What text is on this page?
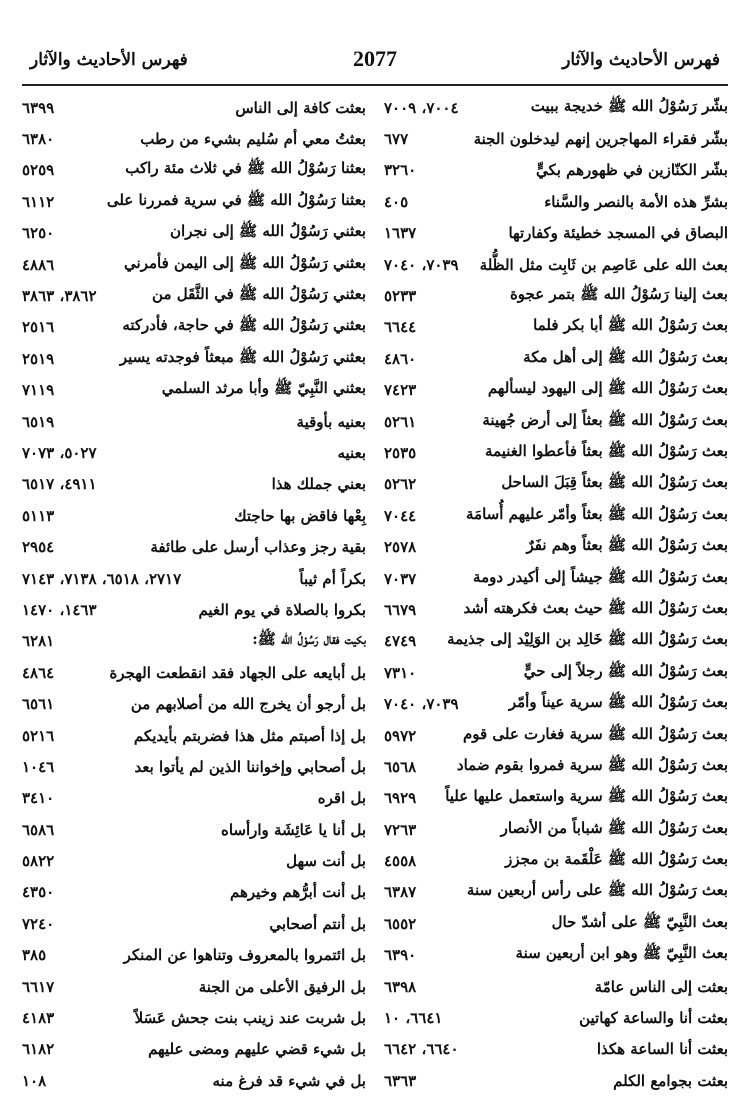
فهرس الأحاديث والآثار	2077	فهرس الأحاديث والآثار
بعثت كافة إلى الناس
٦٣٩٩
بعثتُ معي أم سُليم بشيء من رطب
٦٣٨٠
بعثنا رَسُوْلُ الله ﷺ في ثلاث مئة راكب
٥٢٥٩
بعثنا رَسُوْلُ الله ﷺ في سرية فمررنا على
٦١١٢
بعثني رَسُوْلُ الله ﷺ إلى نجران
٦٢٥٠
بعثني رَسُوْلُ الله ﷺ إلى اليمن فأمرني
٤٨٨٦
بعثني رَسُوْلُ الله ﷺ في الثَّقَل من
٣٨٦٢، ٣٨٦٣
بعثني رَسُوْلُ الله ﷺ في حاجة، فأدركته
٢٥١٦
بعثني رَسُوْلُ الله ﷺ مبعثاً فوجدته يسير
٢٥١٩
بعثني النَّبِيّ ﷺ وأبا مرثد السلمي
٧١١٩
بعنيه بأوقية
٦٥١٩
بعنيه
٥٠٢٧، ٧٠٧٣
بعني جملك هذا
٤٩١١، ٦٥١٧
بِعْها فاقض بها حاجتك
٥١١٣
بقية رجز وعذاب أرسل على طائفة
٢٩٥٤
بكراً أم ثيباً
٢٧١٧، ٦٥١٨، ٧١٣٨، ٧١٤٣
بكروا بالصلاة في يوم الغيم
١٤٦٣، ١٤٧٠
بكيت فقال رَسُوْلُ الله ﷺ:
٦٢٨١
بل أبايعه على الجهاد فقد انقطعت الهجرة
٤٨٦٤
بل أرجو أن يخرج الله من أصلابهم من
٦٥٦١
بل إذا أصبتم مثل هذا فضربتم بأيديكم
٥٢١٦
بل أصحابي وإخواننا الذين لم يأتوا بعد
١٠٤٦
بل اقره
٣٤١٠
بل أنا يا عَائِشَة وارأساه
٦٥٨٦
بل أنت سهل
٥٨٢٢
بل أنت أبرُّهم وخيرهم
٤٣٥٠
بل أنتم أصحابي
٧٢٤٠
بل ائتمروا بالمعروف وتناهوا عن المنكر
٣٨٥
بل الرفيق الأعلى من الجنة
٦٦١٧
بل شربت عند زينب بنت جحش عَسَلاً
٤١٨٣
بل شيء قضي عليهم ومضى عليهم
٦١٨٢
بل في شيء قد فرغ منه
١٠٨
بشّر رَسُوْلُ الله ﷺ خديجة ببيت
٧٠٠٤، ٧٠٠٩
بشّر فقراء المهاجرين إنهم ليدخلون الجنة
٦٧٧
بشّر الكنّازين في ظهورهم بكيٍّ
٣٢٦٠
بشرِّ هذه الأمة بالنصر والسَّناء
٤٠٥
البصاق في المسجد خطيئة وكفارتها
١٦٣٧
بعث الله على عَاصِم بن ثَابِت مثل الظُّلة
٧٠٣٩، ٧٠٤٠
بعث إلينا رَسُوْلُ الله ﷺ بتمر عجوة
٥٢٣٣
بعث رَسُوْلُ الله ﷺ أبا بكر فلما
٦٦٤٤
بعث رَسُوْلُ الله ﷺ إلى أهل مكة
٤٨٦٠
بعث رَسُوْلُ الله ﷺ إلى اليهود ليسألهم
٧٤٢٣
بعث رَسُوْلُ الله ﷺ بعثاً إلى أرض جُهينة
٥٢٦١
بعث رَسُوْلُ الله ﷺ بعثاً فأعطوا الغنيمة
٢٥٣٥
بعث رَسُوْلُ الله ﷺ بعثاً قِبَلَ الساحل
٥٢٦٢
بعث رَسُوْلُ الله ﷺ بعثاً وأمّر عليهم أُسامَة
٧٠٤٤
بعث رَسُوْلُ الله ﷺ بعثاً وهم نفَرٌ
٢٥٧٨
بعث رَسُوْلُ الله ﷺ جيشاً إلى أكيدر دومة
٧٠٣٧
بعث رَسُوْلُ الله ﷺ حيث بعث فكرهته أشد
٦٦٧٩
بعث رَسُوْلُ الله ﷺ خَالِد بن الوَلِيْد إلى جذيمة
٤٧٤٩
بعث رَسُوْلُ الله ﷺ رجلاً إلى حيٍّ
٧٣١٠
بعث رَسُوْلُ الله ﷺ سرية عيناً وأمّر
٧٠٣٩، ٧٠٤٠
بعث رَسُوْلُ الله ﷺ سرية فغارت على قوم
٥٩٧٢
بعث رَسُوْلُ الله ﷺ سرية فمروا بقوم ضماد
٦٥٦٨
بعث رَسُوْلُ الله ﷺ سرية واستعمل عليها علياً
٦٩٢٩
بعث رَسُوْلُ الله ﷺ شباباً من الأنصار
٧٢٦٣
بعث رَسُوْلُ الله ﷺ عَلْقَمة بن مجزز
٤٥٥٨
بعث رَسُوْلُ الله ﷺ على رأس أربعين سنة
٦٣٨٧
بعث النَّبِيّ ﷺ على أشدّ حال
٦٥٥٢
بعث النَّبِيّ ﷺ وهو ابن أربعين سنة
٦٣٩٠
بعثت إلى الناس عامّة
٦٣٩٨
بعثت أنا والساعة كهاتين
٦٦٤١، ١٠
بعثت أنا الساعة هكذا
٦٦٤٠، ٦٦٤٢
بعثت بجوامع الكلم
٦٣٦٣
